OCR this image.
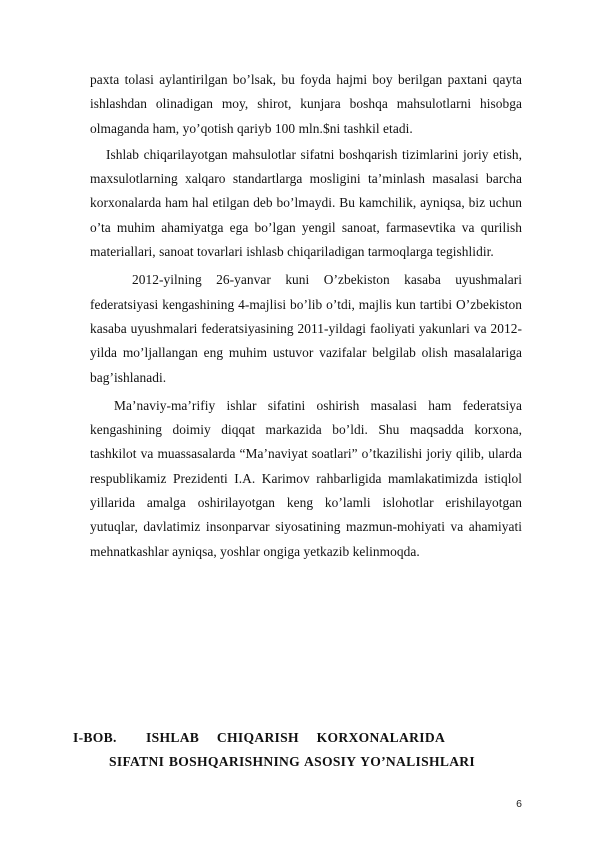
paxta tolasi aylantirilgan bo’lsak, bu foyda hajmi boy berilgan paxtani qayta ishlashdan olinadigan moy, shirot, kunjara boshqa mahsulotlarni hisobga olmaganda ham, yo’qotish qariyb 100 mln.$ni tashkil etadi.

Ishlab chiqarilayotgan mahsulotlar sifatni boshqarish tizimlarini joriy etish, maxsulotlarning xalqaro standartlarga mosligini ta’minlash masalasi barcha korxonalarda ham hal etilgan deb bo’lmaydi. Bu kamchilik, ayniqsa, biz uchun o’ta muhim ahamiyatga ega bo’lgan yengil sanoat, farmasevtika va qurilish materiallari, sanoat tovarlari ishlasb chiqariladigan tarmoqlarga tegishlidir.

2012-yilning 26-yanvar kuni O’zbekiston kasaba uyushmalari federatsiyasi kengashining 4-majlisi bo’lib o’tdi, majlis kun tartibi O’zbekiston kasaba uyushmalari federatsiyasining 2011-yildagi faoliyati yakunlari va 2012-yilda mo’ljallangan eng muhim ustuvor vazifalar belgilab olish masalalariga bag’ishlanadi.

Ma’naviy-ma’rifiy ishlar sifatini oshirish masalasi ham federatsiya kengashining doimiy diqqat markazida bo’ldi. Shu maqsadda korxona, tashkilot va muassasalarda “Ma’naviyat soatlari” o’tkazilishi joriy qilib, ularda respublikamiz Prezidenti I.A. Karimov rahbarligida mamlakatimizda istiqlol yillarida amalga oshirilayotgan keng ko’lamli islohotlar erishilayotgan yutuqlar, davlatimiz insonparvar siyosatining mazmun-mohiyati va ahamiyati mehnatkashlar ayniqsa, yoshlar ongiga yetkazib kelinmoqda.

I-BOB. ISHLAB CHIQARISH KORXONALARIDA
SIFATNI BOSHQARISHNING ASOSIY YO’NALISHLARI
6
